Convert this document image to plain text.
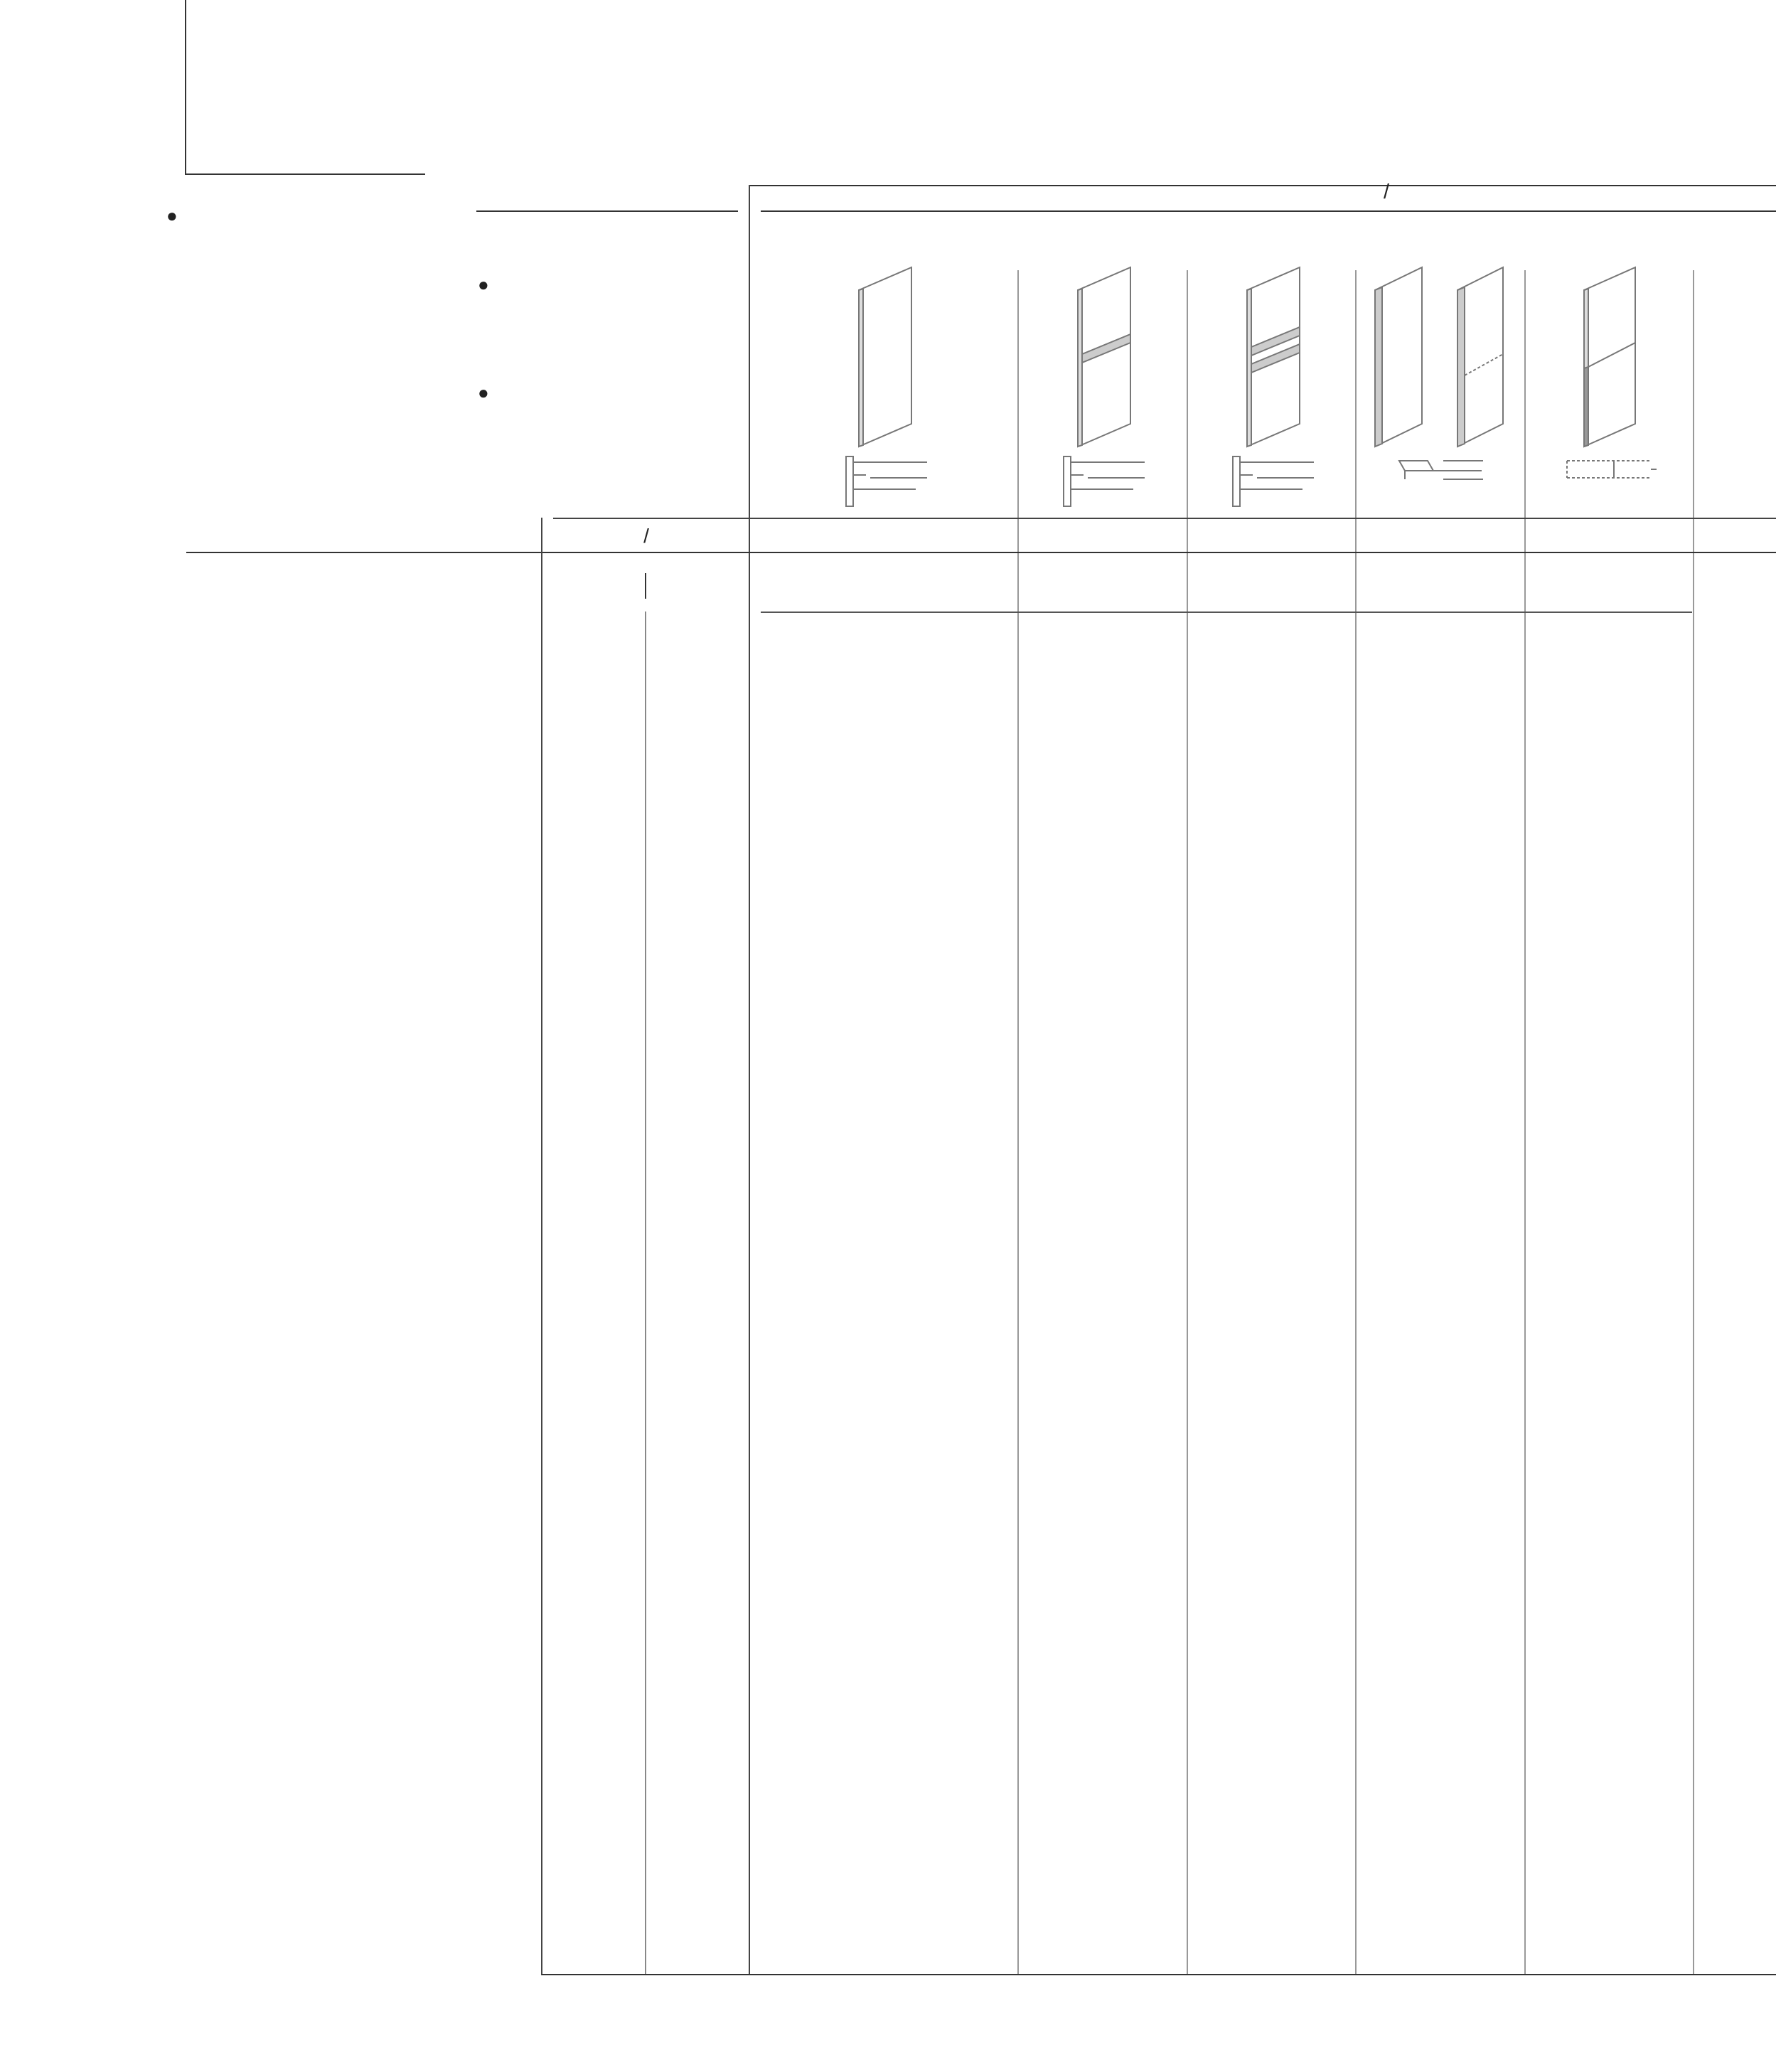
●
●
●
/
/
